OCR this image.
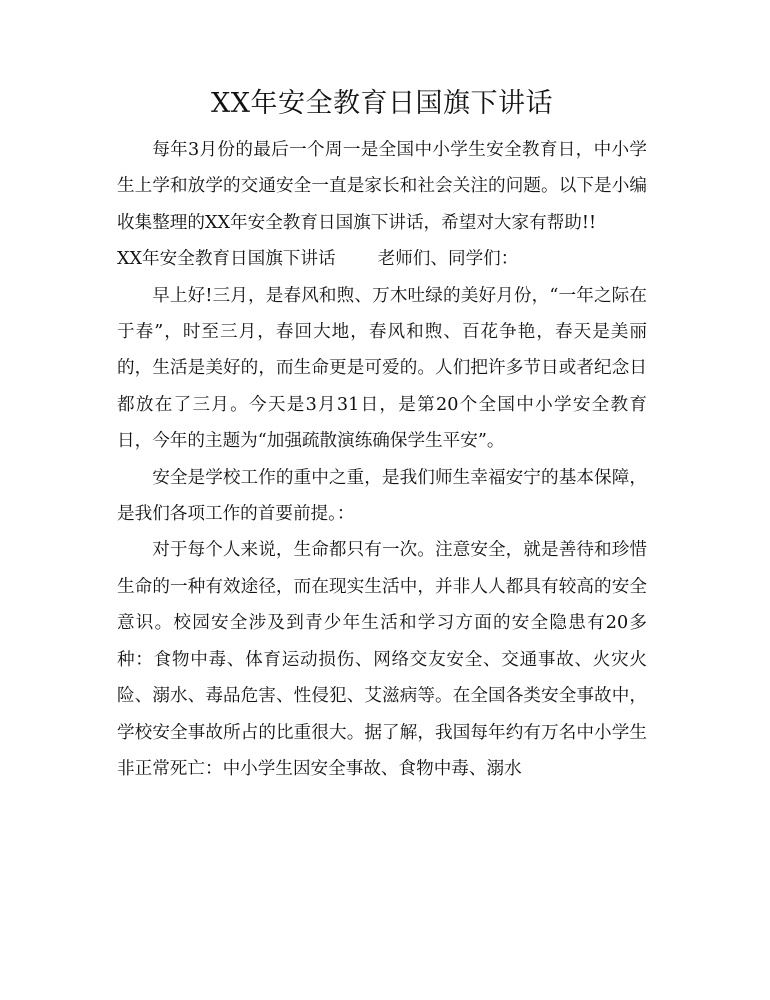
XX年安全教育日国旗下讲话

每年3月份的最后一个周一是全国中小学生安全教育日，中小学生上学和放学的交通安全一直是家长和社会关注的问题。以下是小编收集整理的XX年安全教育日国旗下讲话，希望对大家有帮助!!

XX年安全教育日国旗下讲话 老师们、同学们：

早上好!三月，是春风和煦、万木吐绿的美好月份，“一年之际在于春”，时至三月，春回大地，春风和煦、百花争艳，春天是美丽的，生活是美好的，而生命更是可爱的。人们把许多节日或者纪念日都放在了三月。今天是3月31日，是第20个全国中小学安全教育日，今年的主题为“加强疏散演练确保学生平安”。

安全是学校工作的重中之重，是我们师生幸福安宁的基本保障，是我们各项工作的首要前提。：

对于每个人来说，生命都只有一次。注意安全，就是善待和珍惜生命的一种有效途径，而在现实生活中，并非人人都具有较高的安全意识。校园安全涉及到青少年生活和学习方面的安全隐患有20多种：食物中毒、体育运动损伤、网络交友安全、交通事故、火灾火险、溺水、毒品危害、性侵犯、艾滋病等。在全国各类安全事故中，学校安全事故所占的比重很大。据了解，我国每年约有万名中小学生非正常死亡：中小学生因安全事故、食物中毒、溺水
